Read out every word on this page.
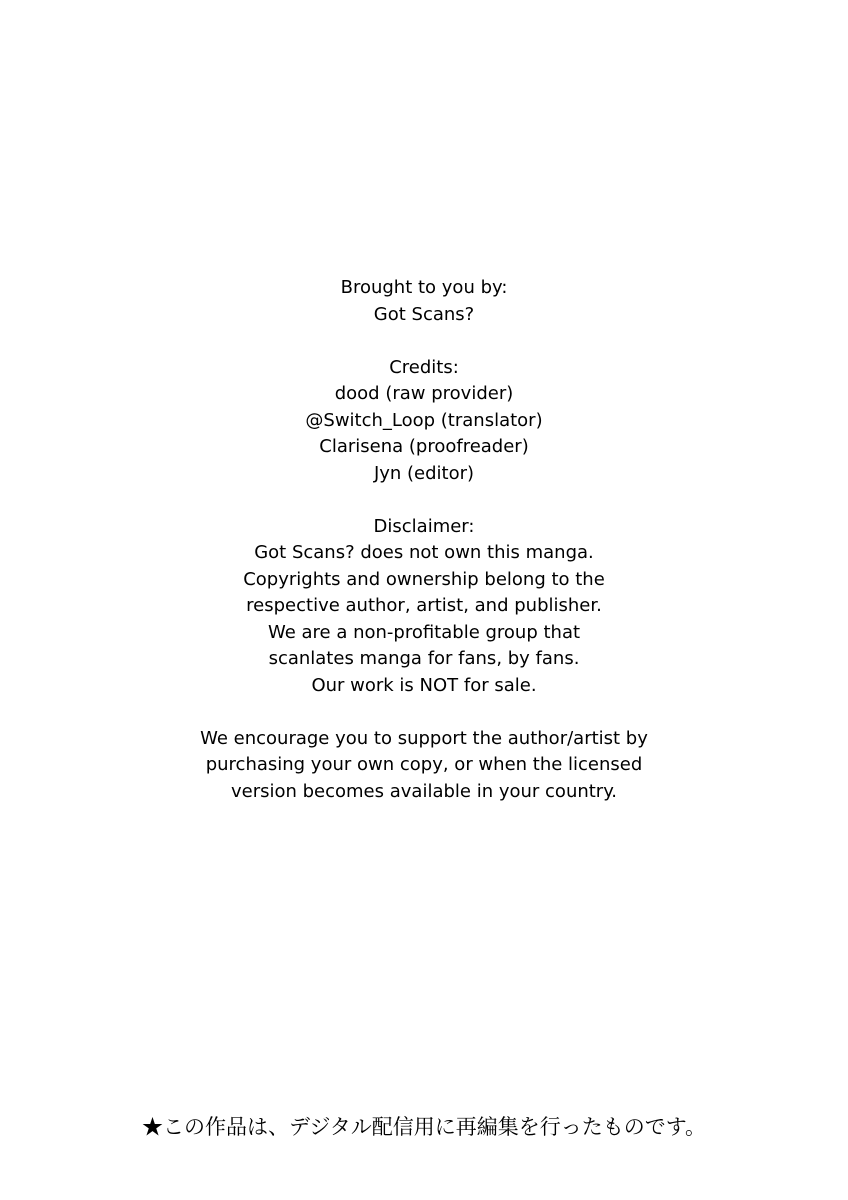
Brought to you by:
Got Scans?
Credits:
dood (raw provider)
@Switch_Loop (translator)
Clarisena (proofreader)
Jyn (editor)
Disclaimer:
Got Scans? does not own this manga.
Copyrights and ownership belong to the
respective author, artist, and publisher.
We are a non-profitable group that
scanlates manga for fans, by fans.
Our work is NOT for sale.
We encourage you to support the author/artist by
purchasing your own copy, or when the licensed
version becomes available in your country.
★この作品は、デジタル配信用に再編集を行ったものです。
